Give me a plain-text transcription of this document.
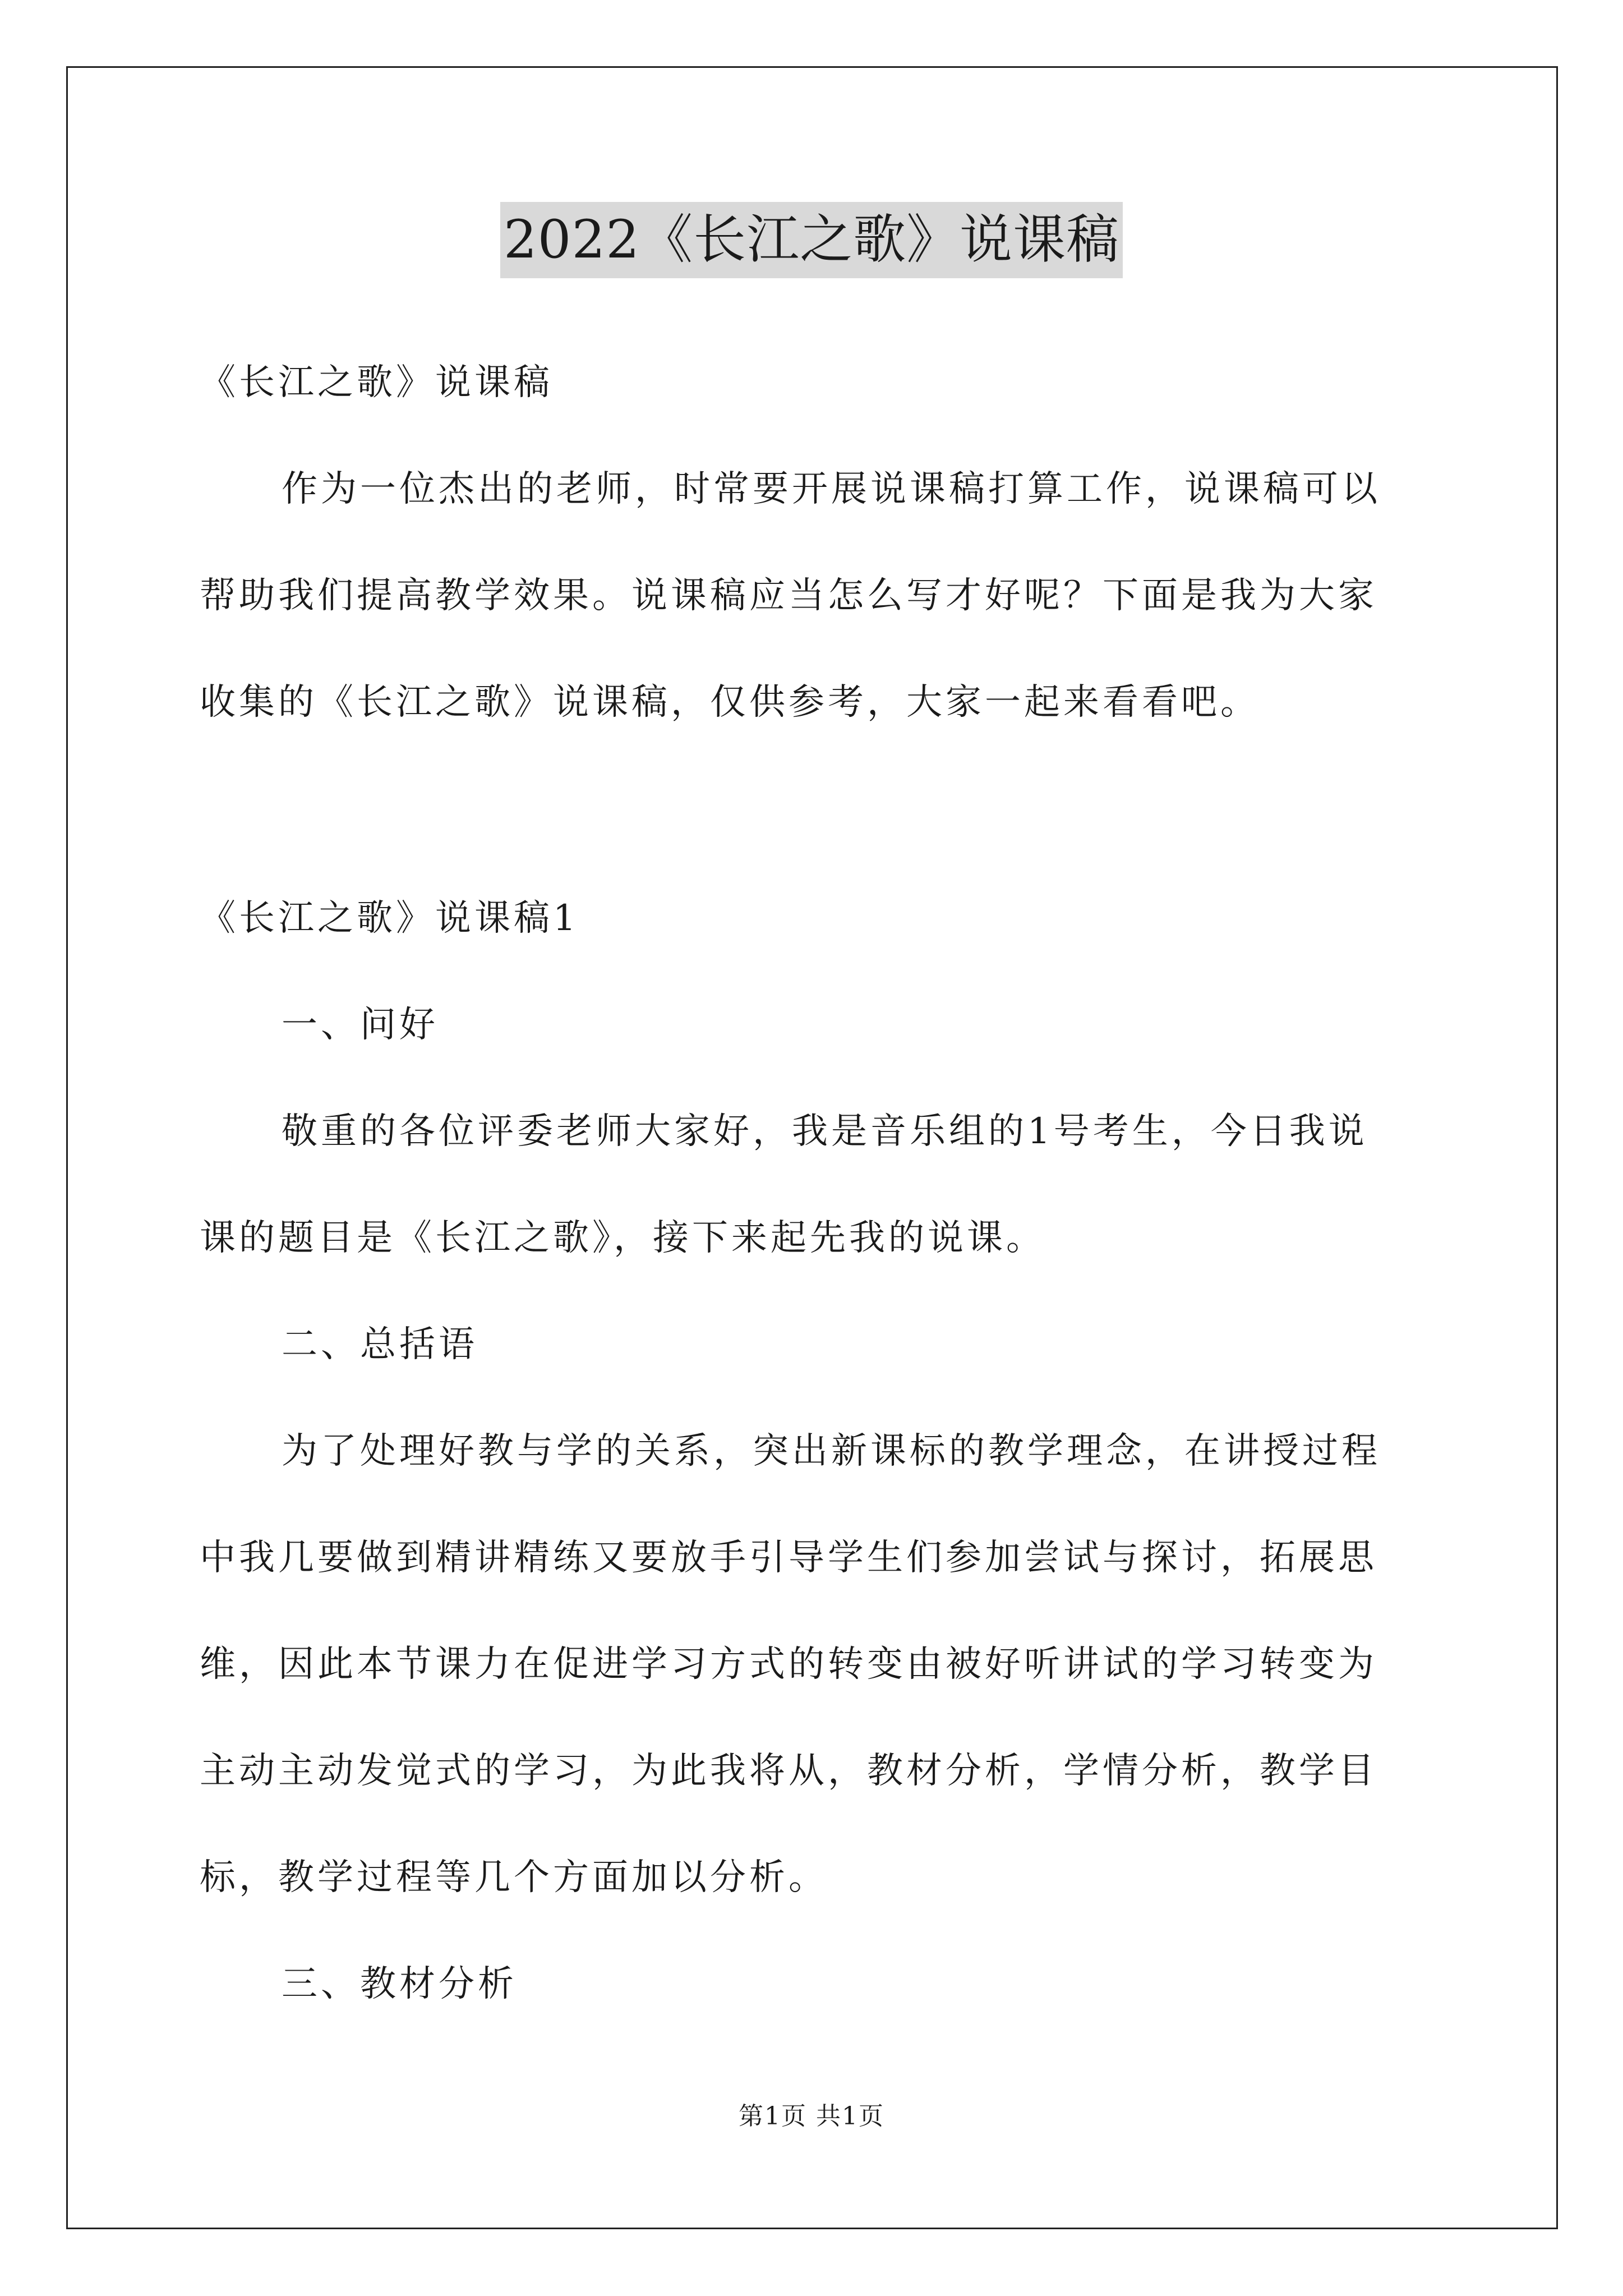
2022《长江之歌》说课稿
《长江之歌》说课稿
作为一位杰出的老师，时常要开展说课稿打算工作，说课稿可以
帮助我们提高教学效果。说课稿应当怎么写才好呢？下面是我为大家
收集的《长江之歌》说课稿，仅供参考，大家一起来看看吧。
《长江之歌》说课稿1
一、问好
敬重的各位评委老师大家好，我是音乐组的1号考生，今日我说
课的题目是《长江之歌》，接下来起先我的说课。
二、总括语
为了处理好教与学的关系，突出新课标的教学理念，在讲授过程
中我几要做到精讲精练又要放手引导学生们参加尝试与探讨，拓展思
维，因此本节课力在促进学习方式的转变由被好听讲试的学习转变为
主动主动发觉式的学习，为此我将从，教材分析，学情分析，教学目
标，教学过程等几个方面加以分析。
三、教材分析
第1页 共1页
